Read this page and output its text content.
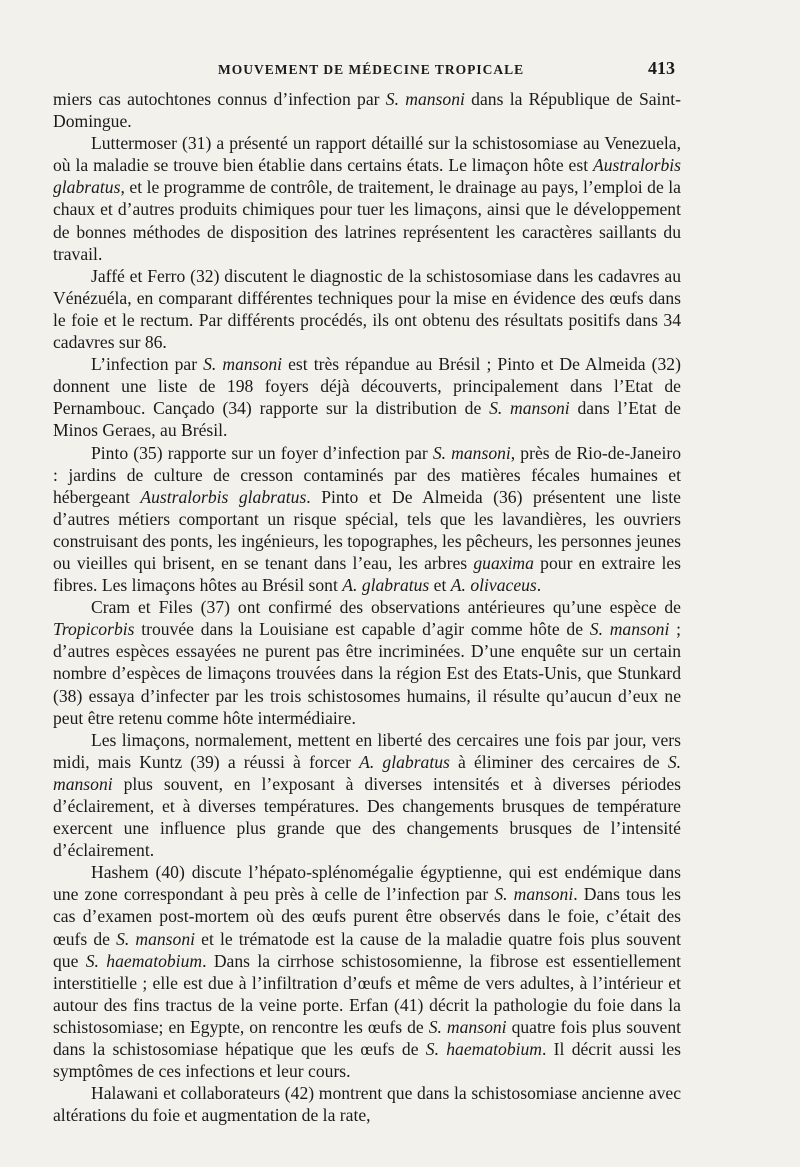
MOUVEMENT DE MÉDECINE TROPICALE	413

miers cas autochtones connus d’infection par S. mansoni dans la République de Saint-Domingue.

Luttermoser (31) a présenté un rapport détaillé sur la schistosomiase au Venezuela, où la maladie se trouve bien établie dans certains états. Le limaçon hôte est Australorbis glabratus, et le programme de contrôle, de traitement, le drainage au pays, l’emploi de la chaux et d’autres produits chimiques pour tuer les limaçons, ainsi que le développement de bonnes méthodes de disposition des latrines représentent les caractères saillants du travail.

Jaffé et Ferro (32) discutent le diagnostic de la schistosomiase dans les cadavres au Vénézuéla, en comparant différentes techniques pour la mise en évidence des œufs dans le foie et le rectum. Par différents procédés, ils ont obtenu des résultats positifs dans 34 cadavres sur 86.

L’infection par S. mansoni est très répandue au Brésil ; Pinto et De Almeida (32) donnent une liste de 198 foyers déjà découverts, principalement dans l’Etat de Pernambouc. Cançado (34) rapporte sur la distribution de S. mansoni dans l’Etat de Minos Geraes, au Brésil.

Pinto (35) rapporte sur un foyer d’infection par S. mansoni, près de Rio-de-Janeiro : jardins de culture de cresson contaminés par des matières fécales humaines et hébergeant Australorbis glabratus. Pinto et De Almeida (36) présentent une liste d’autres métiers comportant un risque spécial, tels que les lavandières, les ouvriers construisant des ponts, les ingénieurs, les topographes, les pêcheurs, les personnes jeunes ou vieilles qui brisent, en se tenant dans l’eau, les arbres guaxima pour en extraire les fibres. Les limaçons hôtes au Brésil sont A. glabratus et A. olivaceus.

Cram et Files (37) ont confirmé des observations antérieures qu’une espèce de Tropicorbis trouvée dans la Louisiane est capable d’agir comme hôte de S. mansoni ; d’autres espèces essayées ne purent pas être incriminées. D’une enquête sur un certain nombre d’espèces de limaçons trouvées dans la région Est des Etats-Unis, que Stunkard (38) essaya d’infecter par les trois schistosomes humains, il résulte qu’aucun d’eux ne peut être retenu comme hôte intermédiaire.

Les limaçons, normalement, mettent en liberté des cercaires une fois par jour, vers midi, mais Kuntz (39) a réussi à forcer A. glabratus à éliminer des cercaires de S. mansoni plus souvent, en l’exposant à diverses intensités et à diverses périodes d’éclairement, et à diverses températures. Des changements brusques de température exercent une influence plus grande que des changements brusques de l’intensité d’éclairement.

Hashem (40) discute l’hépato-splénomégalie égyptienne, qui est endémique dans une zone correspondant à peu près à celle de l’infection par S. mansoni. Dans tous les cas d’examen post-mortem où des œufs purent être observés dans le foie, c’était des œufs de S. mansoni et le trématode est la cause de la maladie quatre fois plus souvent que S. haematobium. Dans la cirrhose schistosomienne, la fibrose est essentiellement interstitielle ; elle est due à l’infiltration d’œufs et même de vers adultes, à l’intérieur et autour des fins tractus de la veine porte. Erfan (41) décrit la pathologie du foie dans la schistosomiase; en Egypte, on rencontre les œufs de S. mansoni quatre fois plus souvent dans la schistosomiase hépatique que les œufs de S. haematobium. Il décrit aussi les symptômes de ces infections et leur cours.

Halawani et collaborateurs (42) montrent que dans la schistosomiase ancienne avec altérations du foie et augmentation de la rate,
